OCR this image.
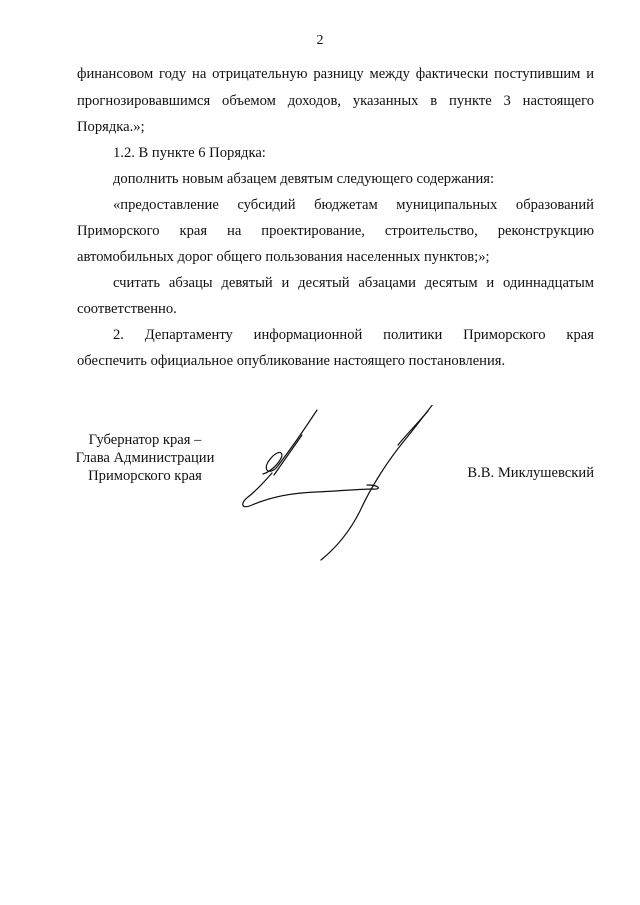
2
финансовом году на отрицательную разницу между фактически поступившим и
прогнозировавшимся объемом доходов, указанных в пункте 3 настоящего
Порядка.»;
1.2. В пункте 6 Порядка:
дополнить новым абзацем девятым следующего содержания:
«предоставление субсидий бюджетам муниципальных образований
Приморского края на проектирование, строительство, реконструкцию
автомобильных дорог общего пользования населенных пунктов;»;
считать абзацы девятый и десятый абзацами десятым и одиннадцатым
соответственно.
2. Департаменту информационной политики Приморского края
обеспечить официальное опубликование настоящего постановления.
Губернатор края –
Глава Администрации
Приморского края	В.В. Миклушевский
